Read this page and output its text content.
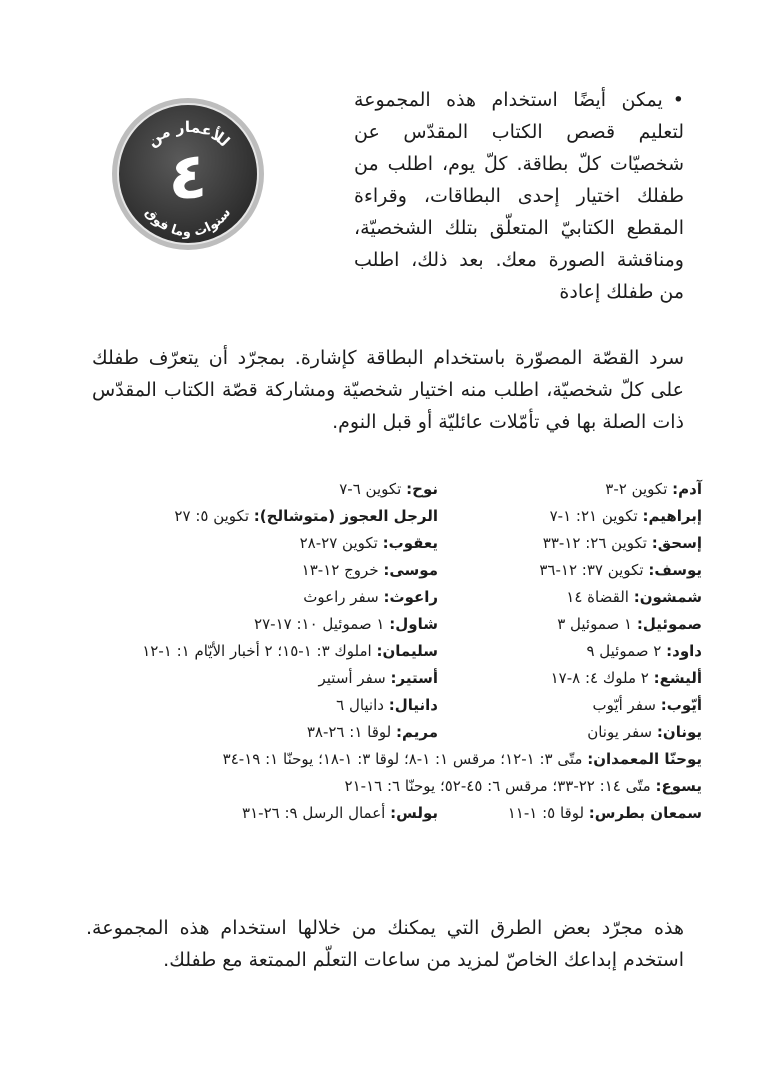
للأعمار من
٤
سنوات وما فوق

•يمكن أيضًا استخدام هذه المجموعة لتعليم قصص الكتاب المقدّس عن شخصيّات كلّ بطاقة. كلّ يوم، اطلب من طفلك اختيار إحدى البطاقات، وقراءة المقطع الكتابيّ المتعلّق بتلك الشخصيّة، ومناقشة الصورة معك. بعد ذلك، اطلب من طفلك إعادة

سرد القصّة المصوّرة باستخدام البطاقة كإشارة. بمجرّد أن يتعرّف طفلك على كلّ شخصيّة، اطلب منه اختيار شخصيّة ومشاركة قصّة الكتاب المقدّس ذات الصلة بها في تأمّلات عائليّة أو قبل النوم.

آدم: تكوين ٢-٣
نوح: تكوين ٦-٧
إبراهيم: تكوين ٢١: ١-٧
الرجل العجوز (متوشالح): تكوين ٥: ٢٧
إسحق: تكوين ٢٦: ١٢-٣٣
يعقوب: تكوين ٢٧-٢٨
يوسف: تكوين ٣٧: ١٢-٣٦
موسى: خروج ١٢-١٣
شمشون: القضاة ١٤
راعوث: سفر راعوث
صموئيل: ١ صموئيل ٣
شاول: ١ صموئيل ١٠: ١٧-٢٧
داود: ٢ صموئيل ٩
سليمان: املوك ٣: ١-١٥؛ ٢ أخبار الأيّام ١: ١-١٢
أليشع: ٢ ملوك ٤: ٨-١٧
أستير: سفر أستير
أيّوب: سفر أيّوب
دانيال: دانيال ٦
يونان: سفر يونان
مريم: لوقا ١: ٢٦-٣٨
يوحنّا المعمدان: متّى ٣: ١-١٢؛ مرقس ١: ١-٨؛ لوقا ٣: ١-١٨؛ يوحنّا ١: ١٩-٣٤
يسوع: متّى ١٤: ٢٢-٣٣؛ مرقس ٦: ٤٥-٥٢؛ يوحنّا ٦: ١٦-٢١
سمعان بطرس: لوقا ٥: ١-١١
بولس: أعمال الرسل ٩: ٢٦-٣١

هذه مجرّد بعض الطرق التي يمكنك من خلالها استخدام هذه المجموعة. استخدم إبداعك الخاصّ لمزيد من ساعات التعلّم الممتعة مع طفلك.
